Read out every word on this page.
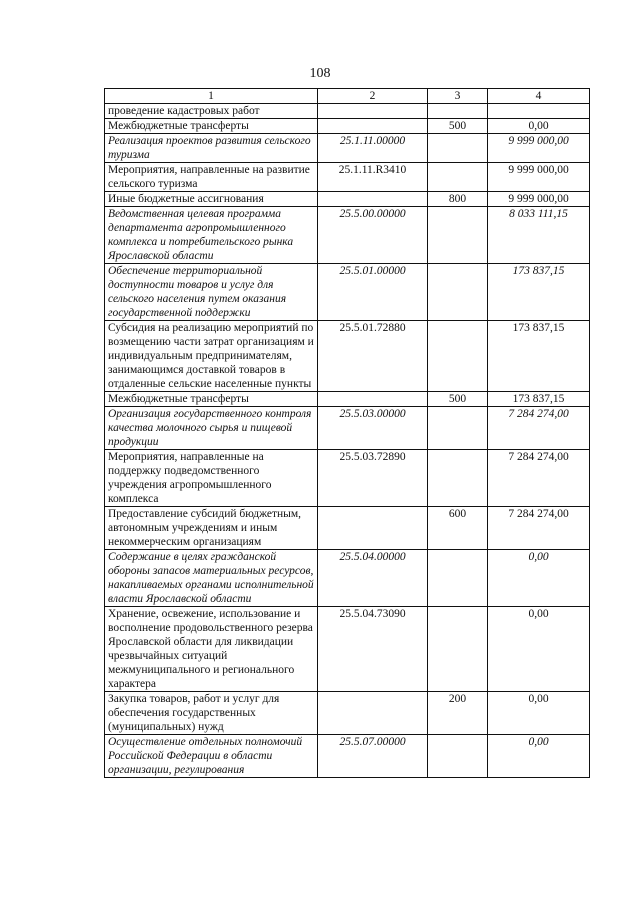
108
1	2	3	4
проведение кадастровых работ			
Межбюджетные трансферты		500	0,00
Реализация проектов развития сельского туризма	25.1.11.00000		9 999 000,00
Мероприятия, направленные на развитие сельского туризма	25.1.11.R3410		9 999 000,00
Иные бюджетные ассигнования		800	9 999 000,00
Ведомственная целевая программа департамента агропромышленного комплекса и потребительского рынка Ярославской области	25.5.00.00000		8 033 111,15
Обеспечение территориальной доступности товаров и услуг для сельского населения путем оказания государственной поддержки	25.5.01.00000		173 837,15
Субсидия на реализацию мероприятий по возмещению части затрат организациям и индивидуальным предпринимателям, занимающимся доставкой товаров в отдаленные сельские населенные пункты	25.5.01.72880		173 837,15
Межбюджетные трансферты		500	173 837,15
Организация государственного контроля качества молочного сырья и пищевой продукции	25.5.03.00000		7 284 274,00
Мероприятия, направленные на поддержку подведомственного учреждения агропромышленного комплекса	25.5.03.72890		7 284 274,00
Предоставление субсидий бюджетным, автономным учреждениям и иным некоммерческим организациям		600	7 284 274,00
Содержание в целях гражданской обороны запасов материальных ресурсов, накапливаемых органами исполнительной власти Ярославской области	25.5.04.00000		0,00
Хранение, освежение, использование и восполнение продовольственного резерва Ярославской области для ликвидации чрезвычайных ситуаций межмуниципального и регионального характера	25.5.04.73090		0,00
Закупка товаров, работ и услуг для обеспечения государственных (муниципальных) нужд		200	0,00
Осуществление отдельных полномочий Российской Федерации в области организации, регулирования	25.5.07.00000		0,00
